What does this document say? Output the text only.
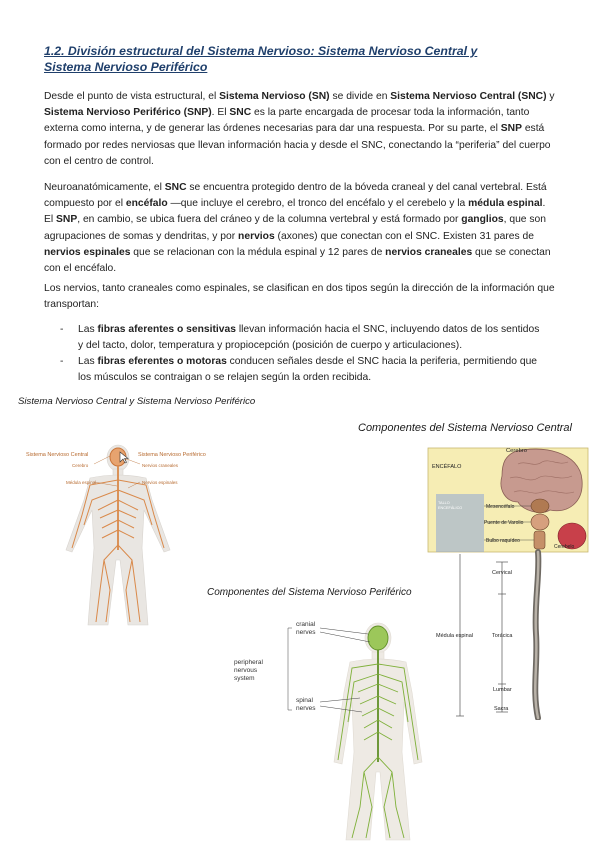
1.2. División estructural del Sistema Nervioso: Sistema Nervioso Central y
Sistema Nervioso Periférico
Desde el punto de vista estructural, el Sistema Nervioso (SN) se divide en Sistema Nervioso Central (SNC) y Sistema Nervioso Periférico (SNP). El SNC es la parte encargada de procesar toda la información, tanto externa como interna, y de generar las órdenes necesarias para dar una respuesta. Por su parte, el SNP está formado por redes nerviosas que llevan información hacia y desde el SNC, conectando la “periferia” del cuerpo con el centro de control.
Neuroanatómicamente, el SNC se encuentra protegido dentro de la bóveda craneal y del canal vertebral. Está compuesto por el encéfalo —que incluye el cerebro, el tronco del encéfalo y el cerebelo y la médula espinal. El SNP, en cambio, se ubica fuera del cráneo y de la columna vertebral y está formado por ganglios, que son agrupaciones de somas y dendritas, y por nervios (axones) que conectan con el SNC. Existen 31 pares de nervios espinales que se relacionan con la médula espinal y 12 pares de nervios craneales que se conectan con el encéfalo.
Los nervios, tanto craneales como espinales, se clasifican en dos tipos según la dirección de la información que transportan:
- Las fibras aferentes o sensitivas llevan información hacia el SNC, incluyendo datos de los sentidos y del tacto, dolor, temperatura y propiocepción (posición de cuerpo y articulaciones).
- Las fibras eferentes o motoras conducen señales desde el SNC hacia la periferia, permitiendo que los músculos se contraigan o se relajen según la orden recibida.
Sistema Nervioso Central y Sistema Nervioso Periférico
Componentes del Sistema Nervioso Central
Componentes del Sistema Nervioso Periférico
Sistema Nervioso Central	Sistema Nervioso Periférico
Cerebro	Nervios craneales
Médula espinal	Nervios espinales
Cerebro
ENCÉFALO
TALLO
ENCEFÁLICO	Mesencéfalo
Puente de Varolio
Bulbo raquídeo
Cerebelo
Cervical
Médula espinal	Torácica
Lumbar
Sacra
cranial
nerves
peripheral
nervous
system
spinal
nerves
